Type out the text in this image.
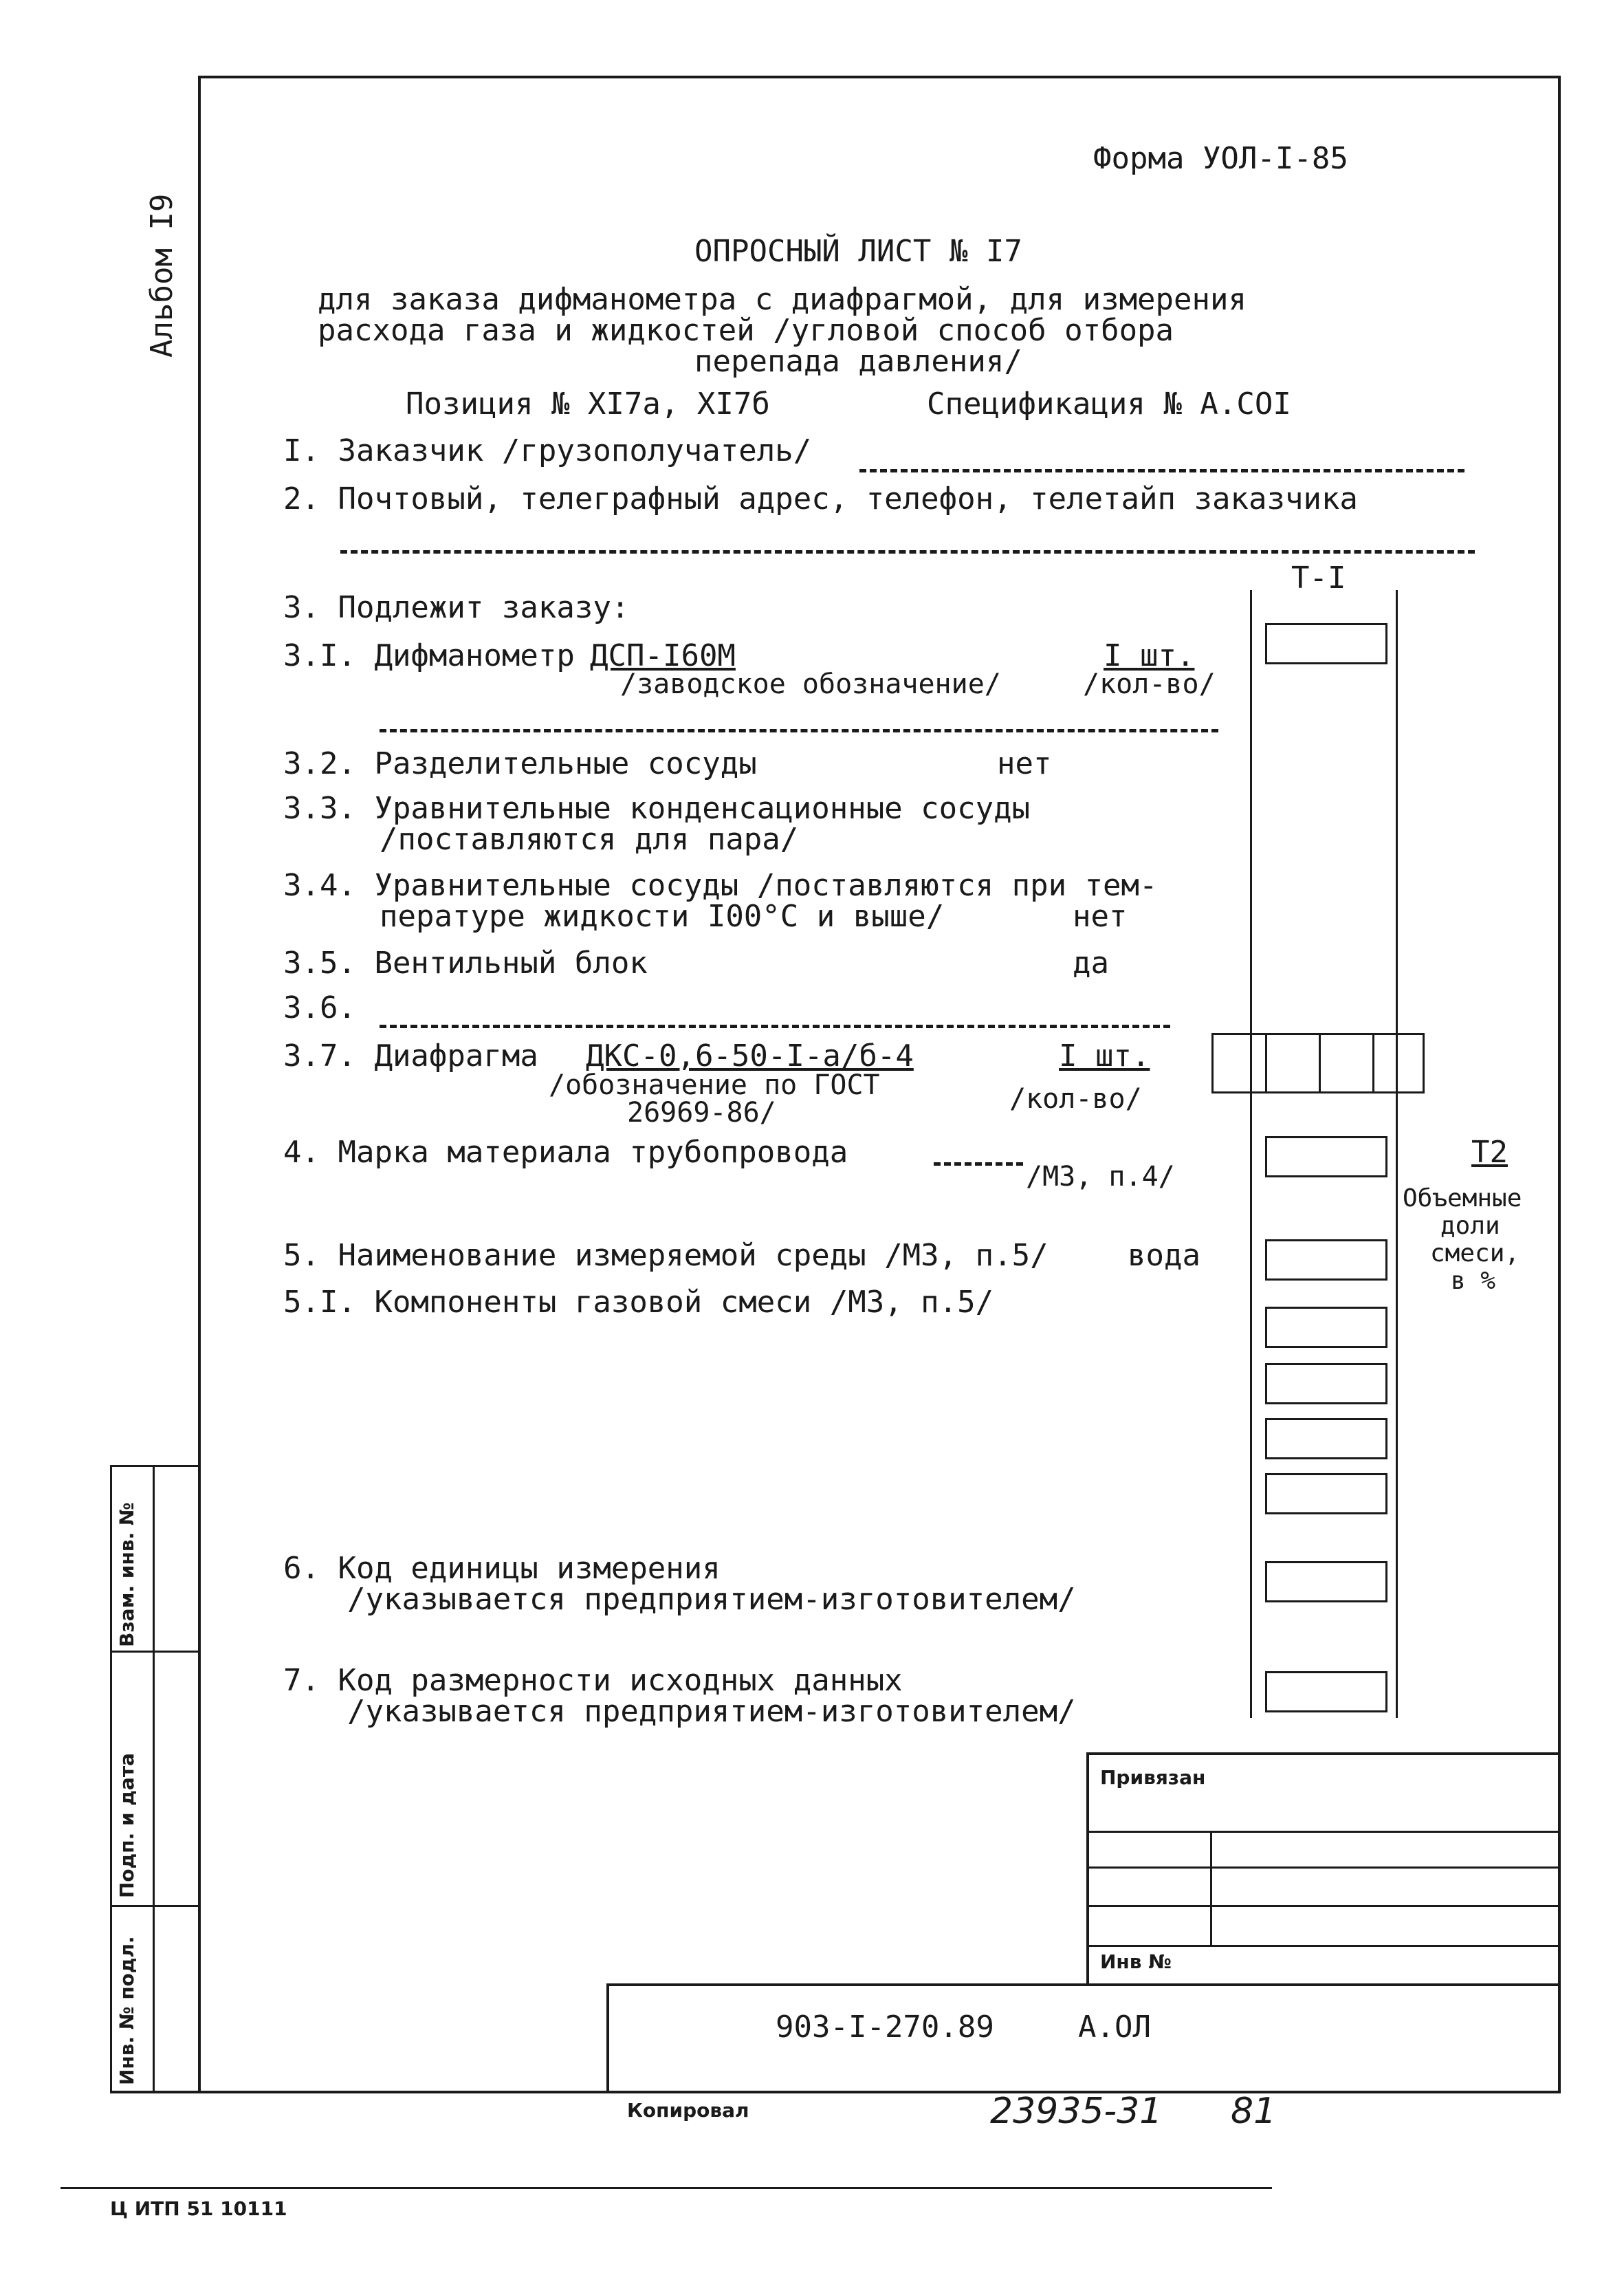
Альбом I9
Форма УОЛ-I-85
ОПРОСНЫЙ ЛИСТ № I7
для заказа дифманометра с диафрагмой, для измерения
расхода газа и жидкостей /угловой способ отбора
перепада давления/
Позиция № XI7а, XI7б	Спецификация № А.СОI
I. Заказчик /грузополучатель/
2. Почтовый, телеграфный адрес, телефон, телетайп заказчика
3. Подлежит заказу:
3.I. Дифманометр ДСП-I60М	I шт.
/заводское обозначение/	/кол-во/
3.2. Разделительные сосуды	нет
3.3. Уравнительные конденсационные сосуды
/поставляются для пара/
3.4. Уравнительные сосуды /поставляются при тем-
пературе жидкости I00°С и выше/	нет
3.5. Вентильный блок	да
3.6.
3.7. Диафрагма ДКС-0,6-50-I-а/б-4	I шт.
/обозначение по ГОСТ
26969-86/	/кол-во/
4. Марка материала трубопровода
/МЗ, п.4/
5. Наименование измеряемой среды /МЗ, п.5/	вода
5.I. Компоненты газовой смеси /МЗ, п.5/
6. Код единицы измерения
/указывается предприятием-изготовителем/
7. Код размерности исходных данных
/указывается предприятием-изготовителем/
Т-I
Т2
Объемные
доли
смеси,
в %
Взам. инв. №
Подп. и дата
Инв. № подл.
Привязан
Инв №
903-I-270.89	А.ОЛ
Копировал	23935-31 81
Ц ИТП 51 10111
